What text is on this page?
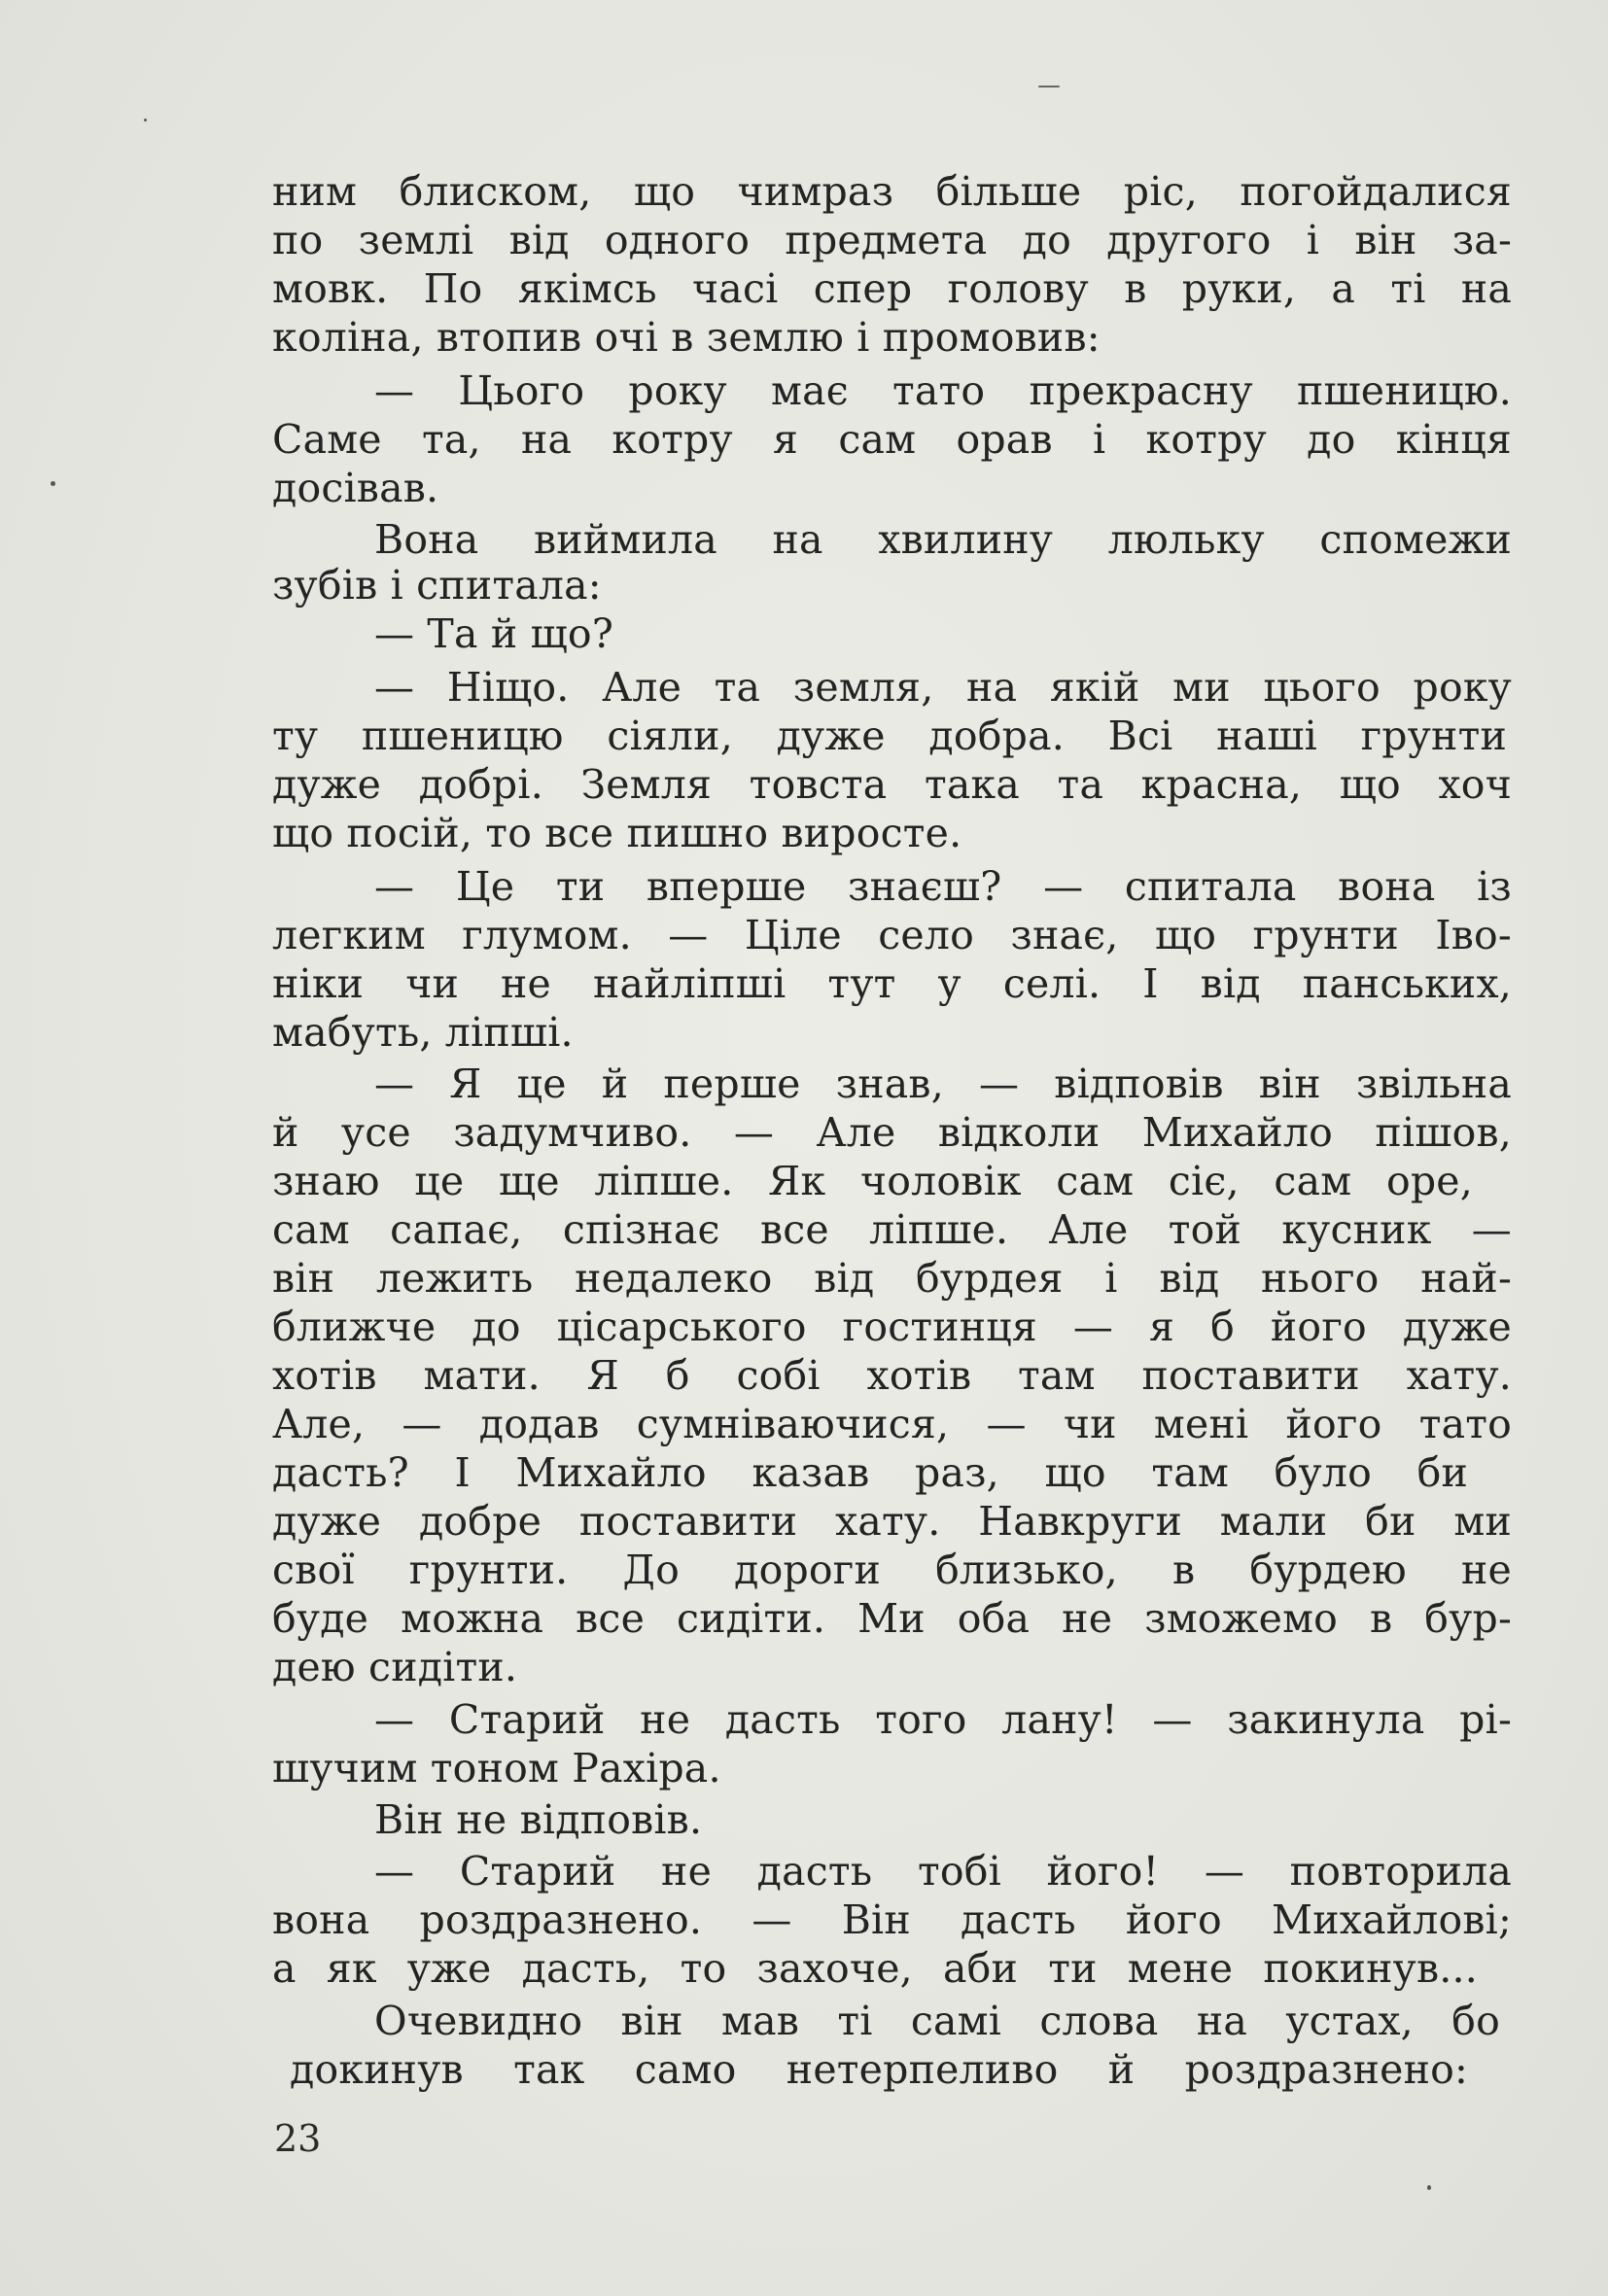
ним блиском, що чимраз більше ріс, погойдалися
по землі від одного предмета до другого і він за-
мовк. По якімсь часі спер голову в руки, а ті на
коліна, втопив очі в землю і промовив:
— Цього року має тато прекрасну пшеницю.
Саме та, на котру я сам орав і котру до кінця
досівав.
Вона виймила на хвилину люльку спомежи
зубів і спитала:
— Та й що?
— Ніщо. Але та земля, на якій ми цього року
ту пшеницю сіяли, дуже добра. Всі наші грунти
дуже добрі. Земля товста така та красна, що хоч
що посій, то все пишно виросте.
— Це ти вперше знаєш? — спитала вона із
легким глумом. — Ціле село знає, що грунти Іво-
ніки чи не найліпші тут у селі. І від панських,
мабуть, ліпші.
— Я це й перше знав, — відповів він звільна
й усе задумчиво. — Але відколи Михайло пішов,
знаю це ще ліпше. Як чоловік сам сіє, сам оре,
сам сапає, спізнає все ліпше. Але той кусник —
він лежить недалеко від бурдея і від нього най-
ближче до цісарського гостинця — я б його дуже
хотів мати. Я б собі хотів там поставити хату.
Але, — додав сумніваючися, — чи мені його тато
дасть? І Михайло казав раз, що там було би
дуже добре поставити хату. Навкруги мали би ми
свої грунти. До дороги близько, в бурдею не
буде можна все сидіти. Ми оба не зможемо в бур-
дею сидіти.
— Старий не дасть того лану! — закинула рі-
шучим тоном Рахіра.
Він не відповів.
— Старий не дасть тобі його! — повторила
вона роздразнено. — Він дасть його Михайлові;
а як уже дасть, то захоче, аби ти мене покинув...
Очевидно він мав ті самі слова на устах, бо
докинув так само нетерпеливо й роздразнено:
23
